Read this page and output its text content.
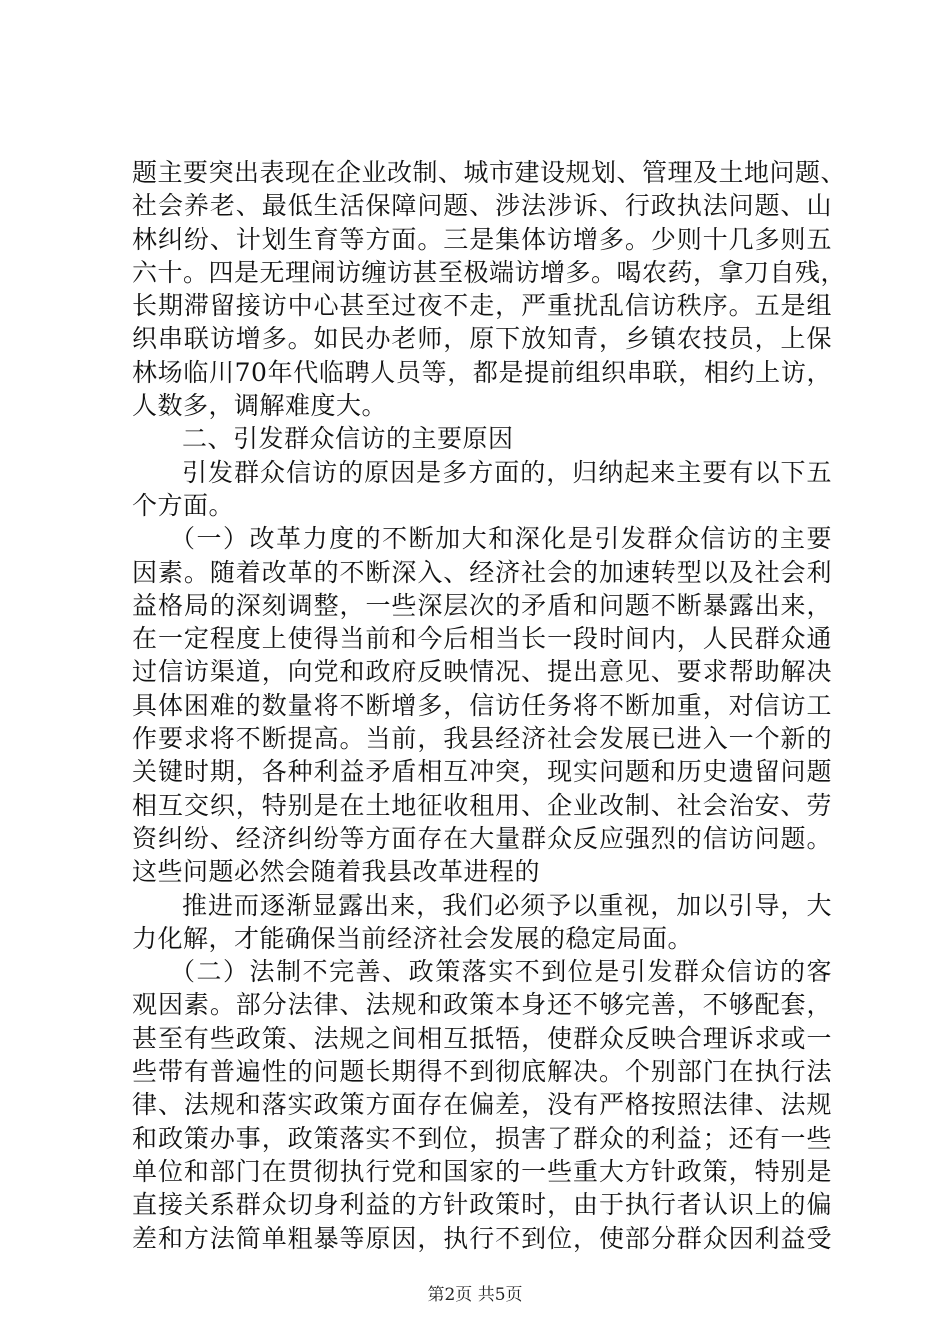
题主要突出表现在企业改制、城市建设规划、管理及土地问题、
社会养老、最低生活保障问题、涉法涉诉、行政执法问题、山
林纠纷、计划生育等方面。三是集体访增多。少则十几多则五
六十。四是无理闹访缠访甚至极端访增多。喝农药，拿刀自残，
长期滞留接访中心甚至过夜不走，严重扰乱信访秩序。五是组
织串联访增多。如民办老师，原下放知青，乡镇农技员，上保
林场临川70年代临聘人员等，都是提前组织串联，相约上访，
人数多，调解难度大。
二、引发群众信访的主要原因
引发群众信访的原因是多方面的，归纳起来主要有以下五
个方面。
（一）改革力度的不断加大和深化是引发群众信访的主要
因素。随着改革的不断深入、经济社会的加速转型以及社会利
益格局的深刻调整，一些深层次的矛盾和问题不断暴露出来，
在一定程度上使得当前和今后相当长一段时间内，人民群众通
过信访渠道，向党和政府反映情况、提出意见、要求帮助解决
具体困难的数量将不断增多，信访任务将不断加重，对信访工
作要求将不断提高。当前，我县经济社会发展已进入一个新的
关键时期，各种利益矛盾相互冲突，现实问题和历史遗留问题
相互交织，特别是在土地征收租用、企业改制、社会治安、劳
资纠纷、经济纠纷等方面存在大量群众反应强烈的信访问题。
这些问题必然会随着我县改革进程的
推进而逐渐显露出来，我们必须予以重视，加以引导，大
力化解，才能确保当前经济社会发展的稳定局面。
（二）法制不完善、政策落实不到位是引发群众信访的客
观因素。部分法律、法规和政策本身还不够完善，不够配套，
甚至有些政策、法规之间相互抵牾，使群众反映合理诉求或一
些带有普遍性的问题长期得不到彻底解决。个别部门在执行法
律、法规和落实政策方面存在偏差，没有严格按照法律、法规
和政策办事，政策落实不到位，损害了群众的利益；还有一些
单位和部门在贯彻执行党和国家的一些重大方针政策，特别是
直接关系群众切身利益的方针政策时，由于执行者认识上的偏
差和方法简单粗暴等原因，执行不到位，使部分群众因利益受
第2页 共5页
